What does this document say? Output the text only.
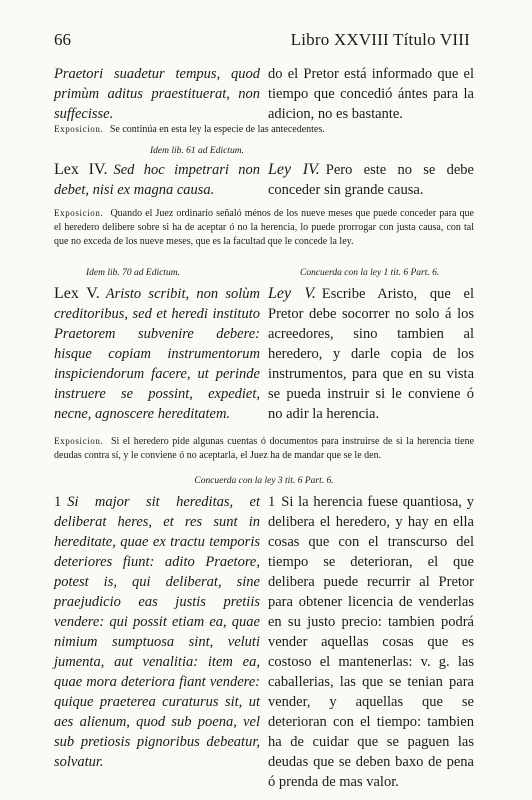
66	Libro XXVIII Título VIII

Praetori suadetur tempus, quod primùm aditus praestituerat, non suffecisse.

do el Pretor está informado que el tiempo que concedió ántes para la adicion, no es bastante.

Exposicion. Se continúa en esta ley la especie de las antecedentes.
Idem lib. 61 ad Edictum.

Lex IV. Sed hoc impetrari non debet, nisi ex magna causa.

Ley IV. Pero este no se debe conceder sin grande causa.

Exposicion. Quando el Juez ordinario señaló ménos de los nueve meses que puede conceder para que el heredero delibere sobre si ha de aceptar ó no la herencia, lo puede prorrogar con justa causa, con tal que no exceda de los nueve meses, que es la facultad que le concede la ley.
Idem lib. 70 ad Edictum.	Concuerda con la ley 1 tit. 6 Part. 6.

Lex V. Aristo scribit, non solùm creditoribus, sed et heredi instituto Praetorem subvenire debere: hisque copiam instrumentorum inspiciendorum facere, ut perinde instruere se possint, expediet, necne, agnoscere hereditatem.

Ley V. Escribe Aristo, que el Pretor debe socorrer no solo á los acreedores, sino tambien al heredero, y darle copia de los instrumentos, para que en su vista se pueda instruir si le conviene ó no adir la herencia.

Exposicion. Si el heredero pide algunas cuentas ó documentos para instruirse de si la herencia tiene deudas contra sí, y le conviene ó no aceptarla, el Juez ha de mandar que se le den.
Concuerda con la ley 3 tit. 6 Part. 6.

1 Si major sit hereditas, et deliberat heres, et res sunt in hereditate, quae ex tractu temporis deteriores fiunt: adito Praetore, potest is, qui deliberat, sine praejudicio eas justis pretiis vendere: qui possit etiam ea, quae nimium sumptuosa sint, veluti jumenta, aut venalitia: item ea, quae mora deteriora fiant vendere: quique praeterea curaturus sit, ut aes alienum, quod sub poena, vel sub pretiosis pignoribus debeatur, solvatur.

1 Si la herencia fuese quantiosa, y delibera el heredero, y hay en ella cosas que con el transcurso del tiempo se deterioran, el que delibera puede recurrir al Pretor para obtener licencia de venderlas en su justo precio: tambien podrá vender aquellas cosas que es costoso el mantenerlas: v. g. las caballerias, las que se tenian para vender, y aquellas que se deterioran con el tiempo: tambien ha de cuidar que se paguen las deudas que se deben baxo de pena ó prenda de mas valor.
